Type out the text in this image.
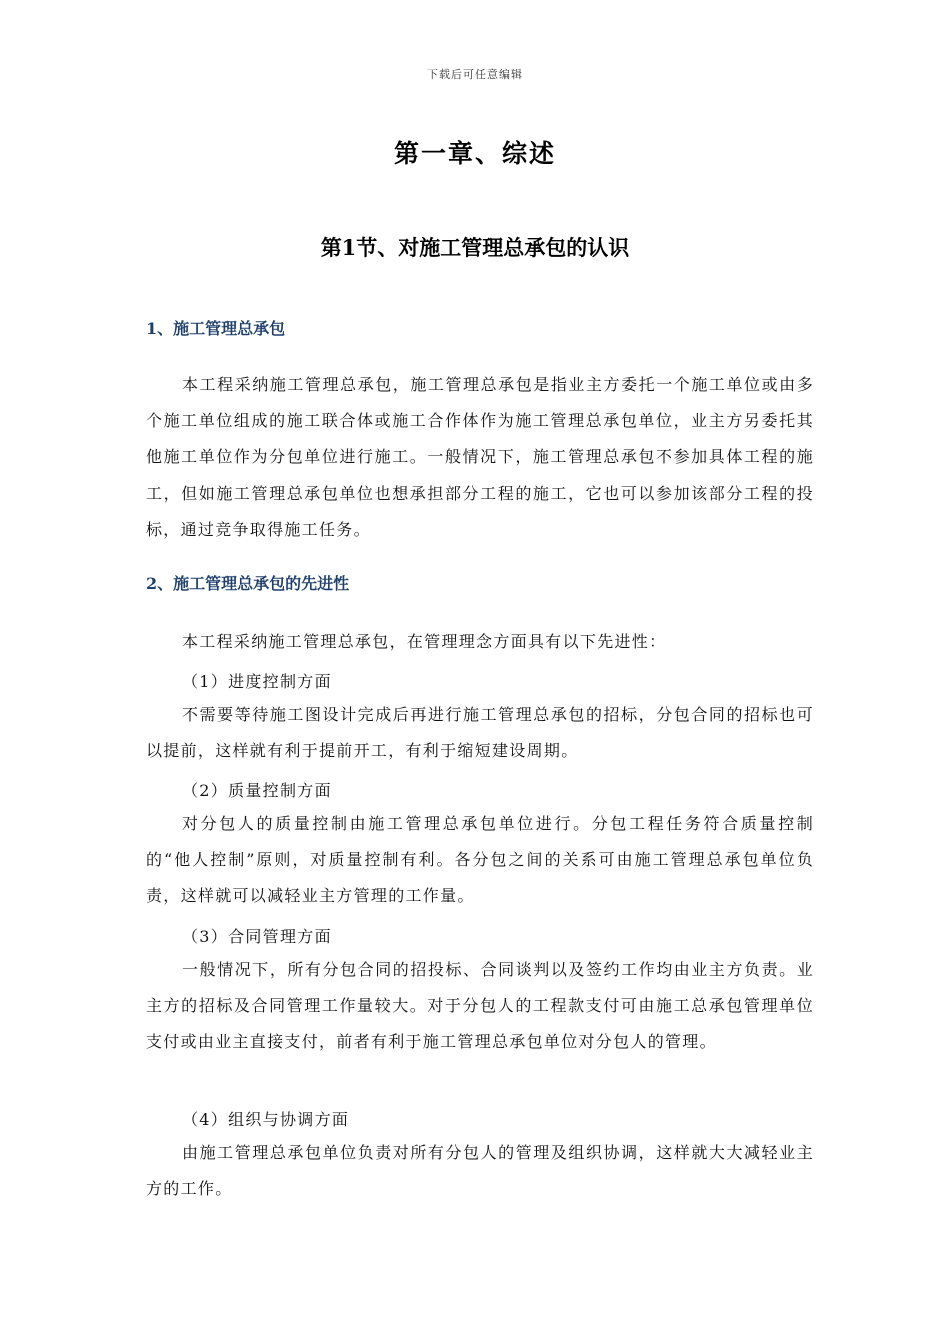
下载后可任意编辑
第一章、综述
第1节、对施工管理总承包的认识
1、施工管理总承包

本工程采纳施工管理总承包，施工管理总承包是指业主方委托一个施工单位或由多个施工单位组成的施工联合体或施工合作体作为施工管理总承包单位，业主方另委托其他施工单位作为分包单位进行施工。一般情况下，施工管理总承包不参加具体工程的施工，但如施工管理总承包单位也想承担部分工程的施工，它也可以参加该部分工程的投标，通过竞争取得施工任务。

2、施工管理总承包的先进性

本工程采纳施工管理总承包，在管理理念方面具有以下先进性：

（1）进度控制方面

不需要等待施工图设计完成后再进行施工管理总承包的招标，分包合同的招标也可以提前，这样就有利于提前开工，有利于缩短建设周期。

（2）质量控制方面

对分包人的质量控制由施工管理总承包单位进行。分包工程任务符合质量控制的“他人控制”原则，对质量控制有利。各分包之间的关系可由施工管理总承包单位负责，这样就可以减轻业主方管理的工作量。

（3）合同管理方面

一般情况下，所有分包合同的招投标、合同谈判以及签约工作均由业主方负责。业主方的招标及合同管理工作量较大。对于分包人的工程款支付可由施工总承包管理单位支付或由业主直接支付，前者有利于施工管理总承包单位对分包人的管理。

（4）组织与协调方面

由施工管理总承包单位负责对所有分包人的管理及组织协调，这样就大大减轻业主方的工作。
